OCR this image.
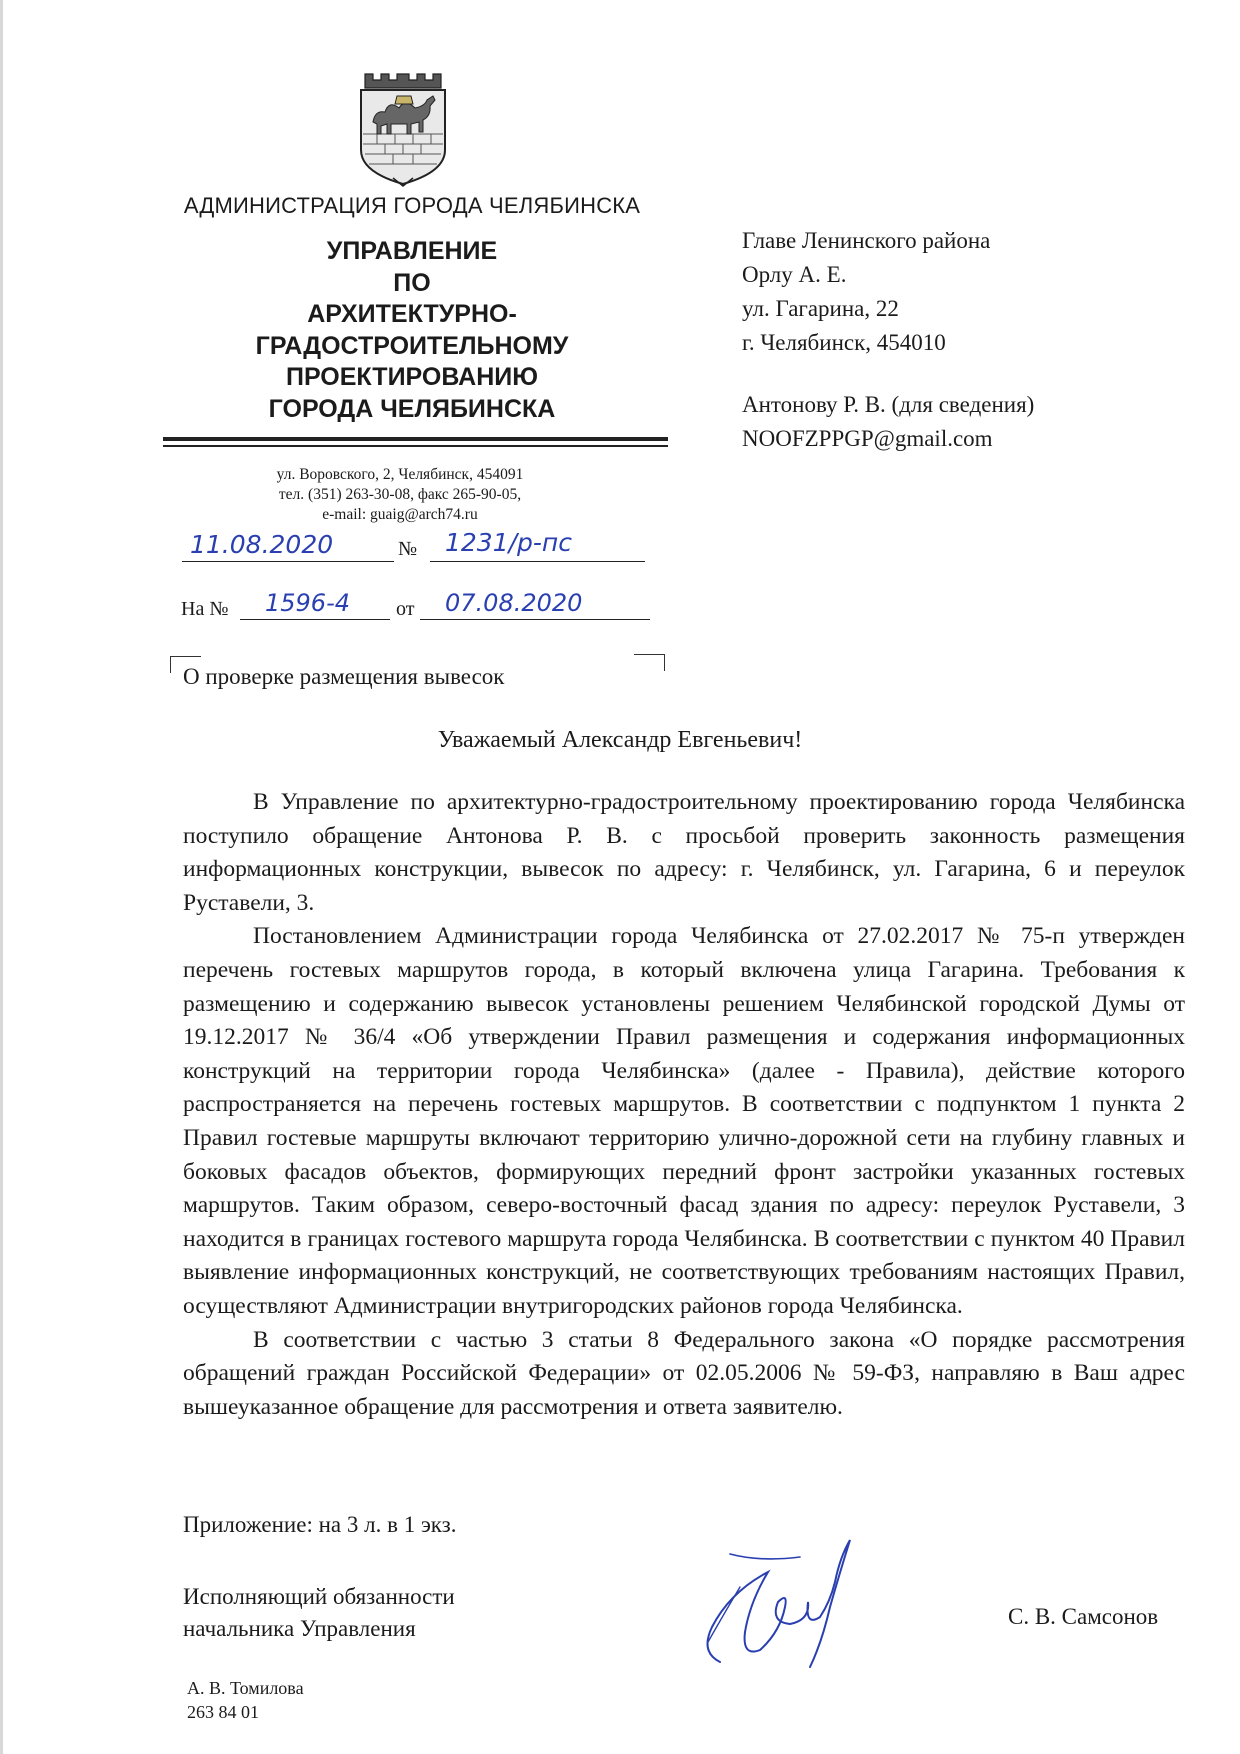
АДМИНИСТРАЦИЯ ГОРОДА ЧЕЛЯБИНСКА
УПРАВЛЕНИЕ
ПО
АРХИТЕКТУРНО-
ГРАДОСТРОИТЕЛЬНОМУ
ПРОЕКТИРОВАНИЮ
ГОРОДА ЧЕЛЯБИНСКА
ул. Воровского, 2, Челябинск, 454091
тел. (351) 263-30-08, факс 265-90-05,
e-mail: guaig@arch74.ru
11.08.2020	№ 1231/р-пс
На № 1596-4 от 07.08.2020
О проверке размещения вывесок
Главе Ленинского района
Орлу А. Е.
ул. Гагарина, 22
г. Челябинск, 454010
Антонову Р. В. (для сведения)
NOOFZPPGP@gmail.com
Уважаемый Александр Евгеньевич!

В Управление по архитектурно-градостроительному проектированию города Челябинска поступило обращение Антонова Р. В. с просьбой проверить законность размещения информационных конструкции, вывесок по адресу: г. Челябинск, ул. Гагарина, 6 и переулок Руставели, 3.

Постановлением Администрации города Челябинска от 27.02.2017 № 75-п утвержден перечень гостевых маршрутов города, в который включена улица Гагарина. Требования к размещению и содержанию вывесок установлены решением Челябинской городской Думы от 19.12.2017 № 36/4 «Об утверждении Правил размещения и содержания информационных конструкций на территории города Челябинска» (далее - Правила), действие которого распространяется на перечень гостевых маршрутов. В соответствии с подпунктом 1 пункта 2 Правил гостевые маршруты включают территорию улично-дорожной сети на глубину главных и боковых фасадов объектов, формирующих передний фронт застройки указанных гостевых маршрутов. Таким образом, северо-восточный фасад здания по адресу: переулок Руставели, 3 находится в границах гостевого маршрута города Челябинска. В соответствии с пунктом 40 Правил выявление информационных конструкций, не соответствующих требованиям настоящих Правил, осуществляют Администрации внутригородских районов города Челябинска.

В соответствии с частью 3 статьи 8 Федерального закона «О порядке рассмотрения обращений граждан Российской Федерации» от 02.05.2006 № 59-ФЗ, направляю в Ваш адрес вышеуказанное обращение для рассмотрения и ответа заявителю.

Приложение: на 3 л. в 1 экз.
Исполняющий обязанности
начальника Управления	С. В. Самсонов
А. В. Томилова
263 84 01
